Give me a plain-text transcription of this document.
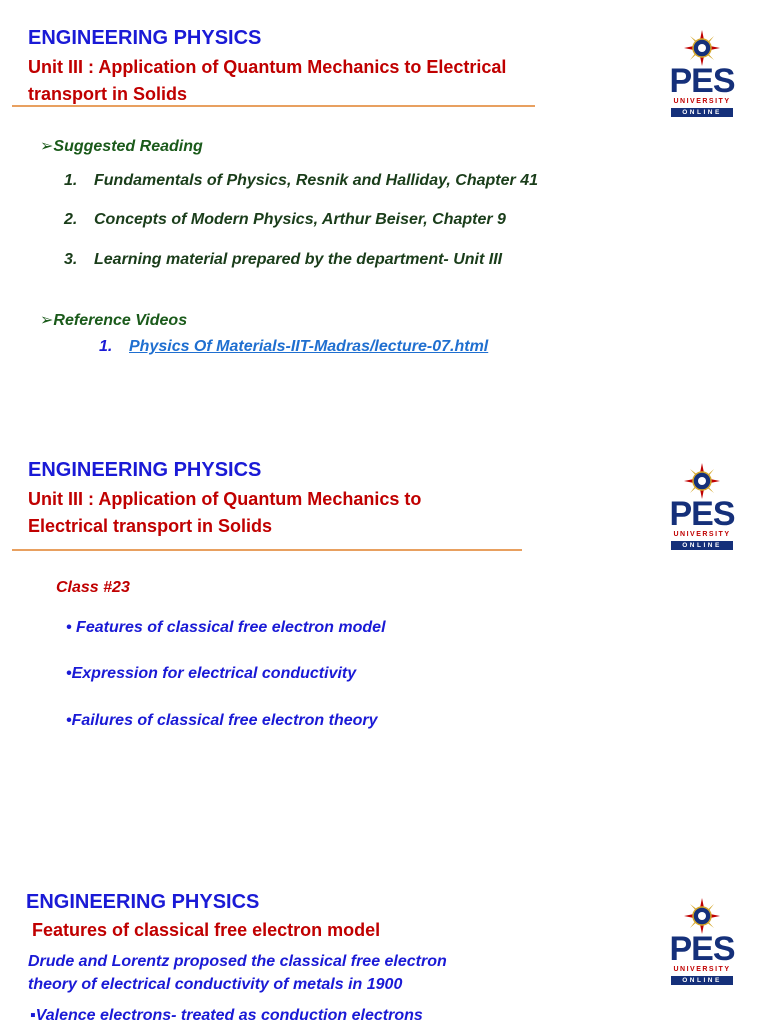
ENGINEERING PHYSICS
Unit III : Application of Quantum Mechanics to Electrical
transport in Solids	PES
UNIVERSITY
ONLINE
➢Suggested Reading
1. Fundamentals of Physics, Resnik and Halliday, Chapter 41
2. Concepts of Modern Physics, Arthur Beiser, Chapter 9
3. Learning material prepared by the department- Unit III
➢Reference Videos
1. Physics Of Materials-IIT-Madras/lecture-07.html
ENGINEERING PHYSICS
Unit III : Application of Quantum Mechanics to
Electrical transport in Solids	PES
UNIVERSITY
ONLINE
Class #23
• Features of classical free electron model
•Expression for electrical conductivity
•Failures of classical free electron theory
ENGINEERING PHYSICS
Features of classical free electron model
Drude and Lorentz proposed the classical free electron
theory of electrical conductivity of metals in 1900
▪Valence electrons- treated as conduction electrons
PES
UNIVERSITY
ONLINE
